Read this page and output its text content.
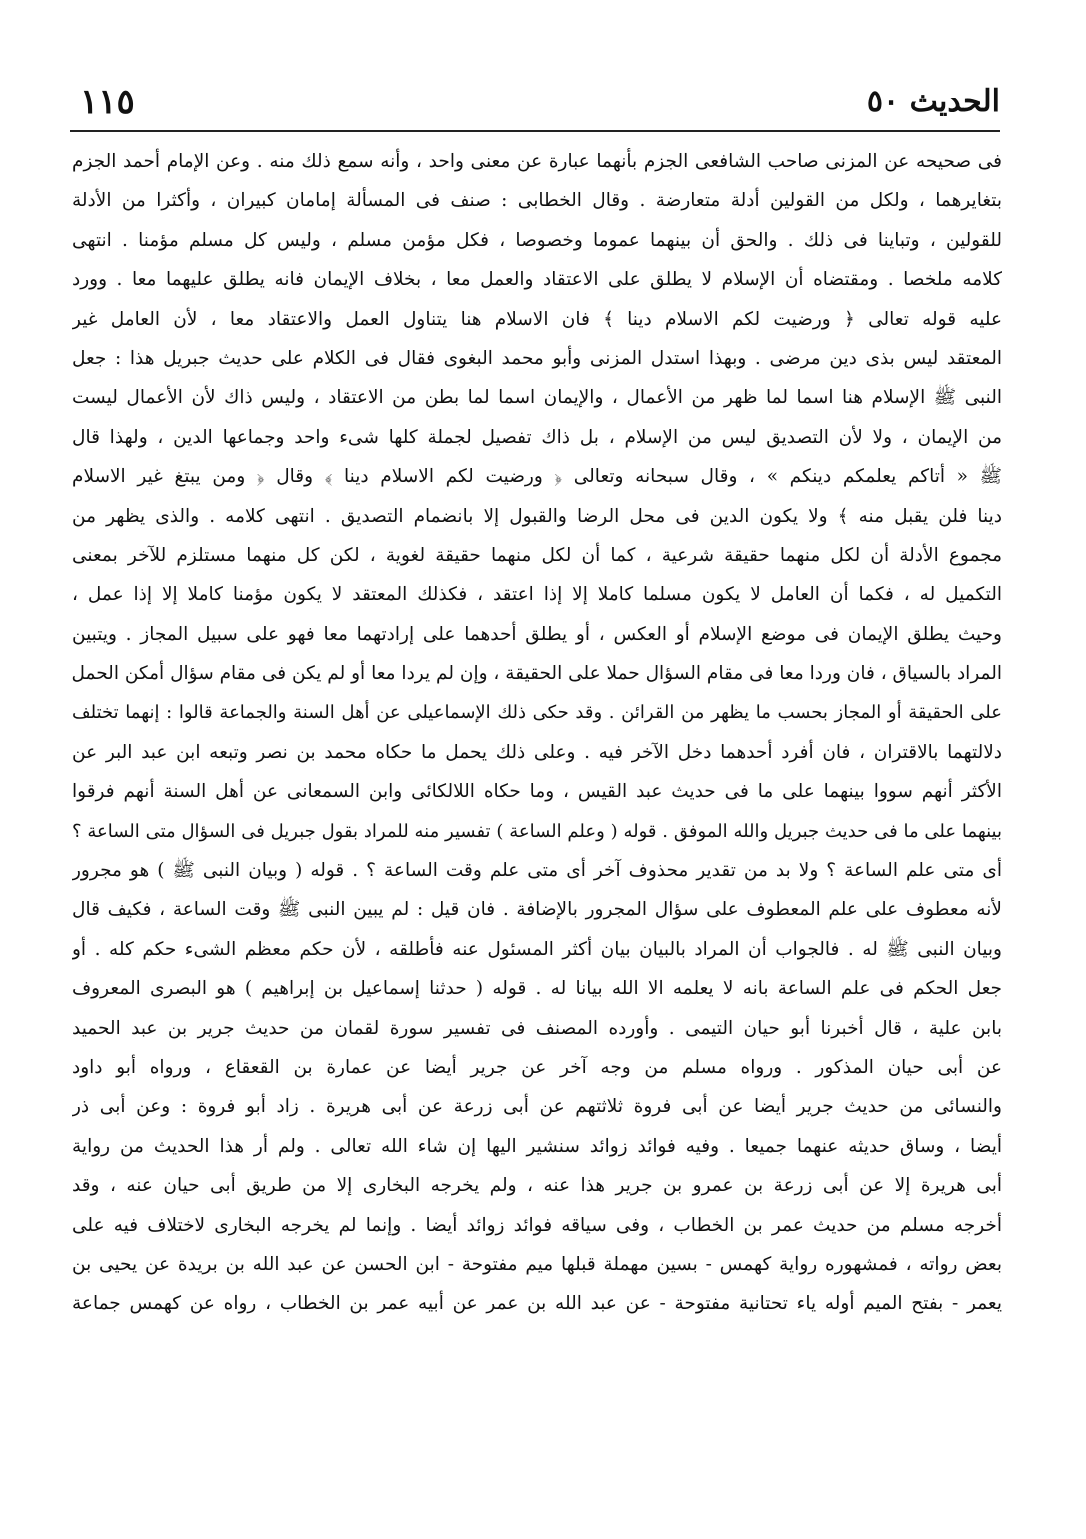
١١٥	الحديث ٥٠
فى صحيحه عن المزنى صاحب الشافعى الجزم بأنهما عبارة عن معنى واحد ، وأنه سمع ذلك منه . وعن الإمام أحمد الجزم
بتغايرهما ، ولكل من القولين أدلة متعارضة . وقال الخطابى : صنف فى المسألة إمامان كبيران ، وأكثرا من الأدلة
للقولين ، وتباينا فى ذلك . والحق أن بينهما عموما وخصوصا ، فكل مؤمن مسلم ، وليس كل مسلم مؤمنا . انتهى
كلامه ملخصا . ومقتضاه أن الإسلام لا يطلق على الاعتقاد والعمل معا ، بخلاف الإيمان فانه يطلق عليهما معا . وورد
عليه قوله تعالى ﴿ ورضيت لكم الاسلام دينا ﴾ فان الاسلام هنا يتناول العمل والاعتقاد معا ، لأن العامل غير
المعتقد ليس بذى دين مرضى . وبهذا استدل المزنى وأبو محمد البغوى فقال فى الكلام على حديث جبريل هذا : جعل
النبى ﷺ الإسلام هنا اسما لما ظهر من الأعمال ، والإيمان اسما لما بطن من الاعتقاد ، وليس ذاك لأن الأعمال ليست
من الإيمان ، ولا لأن التصديق ليس من الإسلام ، بل ذاك تفصيل لجملة كلها شىء واحد وجماعها الدين ، ولهذا قال
ﷺ « أتاكم يعلمكم دينكم » ، وقال سبحانه وتعالى ﴿ ورضيت لكم الاسلام دينا ﴾ وقال ﴿ ومن يبتغ غير الاسلام
دينا فلن يقبل منه ﴾ ولا يكون الدين فى محل الرضا والقبول إلا بانضمام التصديق . انتهى كلامه . والذى يظهر من
مجموع الأدلة أن لكل منهما حقيقة شرعية ، كما أن لكل منهما حقيقة لغوية ، لكن كل منهما مستلزم للآخر بمعنى
التكميل له ، فكما أن العامل لا يكون مسلما كاملا إلا إذا اعتقد ، فكذلك المعتقد لا يكون مؤمنا كاملا إلا إذا عمل ،
وحيث يطلق الإيمان فى موضع الإسلام أو العكس ، أو يطلق أحدهما على إرادتهما معا فهو على سبيل المجاز . ويتبين
المراد بالسياق ، فان وردا معا فى مقام السؤال حملا على الحقيقة ، وإن لم يردا معا أو لم يكن فى مقام سؤال أمكن الحمل
على الحقيقة أو المجاز بحسب ما يظهر من القرائن . وقد حكى ذلك الإسماعيلى عن أهل السنة والجماعة قالوا : إنهما تختلف
دلالتهما بالاقتران ، فان أفرد أحدهما دخل الآخر فيه . وعلى ذلك يحمل ما حكاه محمد بن نصر وتبعه ابن عبد البر عن
الأكثر أنهم سووا بينهما على ما فى حديث عبد القيس ، وما حكاه اللالكائى وابن السمعانى عن أهل السنة أنهم فرقوا
بينهما على ما فى حديث جبريل والله الموفق . قوله ( وعلم الساعة ) تفسير منه للمراد بقول جبريل فى السؤال متى الساعة ؟
أى متى علم الساعة ؟ ولا بد من تقدير محذوف آخر أى متى علم وقت الساعة ؟ . قوله ( وبيان النبى ﷺ ) هو مجرور
لأنه معطوف على علم المعطوف على سؤال المجرور بالإضافة . فان قيل : لم يبين النبى ﷺ وقت الساعة ، فكيف قال
وبيان النبى ﷺ له . فالجواب أن المراد بالبيان بيان أكثر المسئول عنه فأطلقه ، لأن حكم معظم الشىء حكم كله . أو
جعل الحكم فى علم الساعة بانه لا يعلمه الا الله بيانا له . قوله ( حدثنا إسماعيل بن إبراهيم ) هو البصرى المعروف
بابن علية ، قال أخبرنا أبو حيان التيمى . وأورده المصنف فى تفسير سورة لقمان من حديث جرير بن عبد الحميد
عن أبى حيان المذكور . ورواه مسلم من وجه آخر عن جرير أيضا عن عمارة بن القعقاع ، ورواه أبو داود
والنسائى من حديث جرير أيضا عن أبى فروة ثلاثتهم عن أبى زرعة عن أبى هريرة . زاد أبو فروة : وعن أبى ذر
أيضا ، وساق حديثه عنهما جميعا . وفيه فوائد زوائد سنشير اليها إن شاء الله تعالى . ولم أر هذا الحديث من رواية
أبى هريرة إلا عن أبى زرعة بن عمرو بن جرير هذا عنه ، ولم يخرجه البخارى إلا من طريق أبى حيان عنه ، وقد
أخرجه مسلم من حديث عمر بن الخطاب ، وفى سياقه فوائد زوائد أيضا . وإنما لم يخرجه البخارى لاختلاف فيه على
بعض رواته ، فمشهوره رواية كهمس - بسين مهملة قبلها ميم مفتوحة - ابن الحسن عن عبد الله بن بريدة عن يحيى بن
يعمر - بفتح الميم أوله ياء تحتانية مفتوحة - عن عبد الله بن عمر عن أبيه عمر بن الخطاب ، رواه عن كهمس جماعة
